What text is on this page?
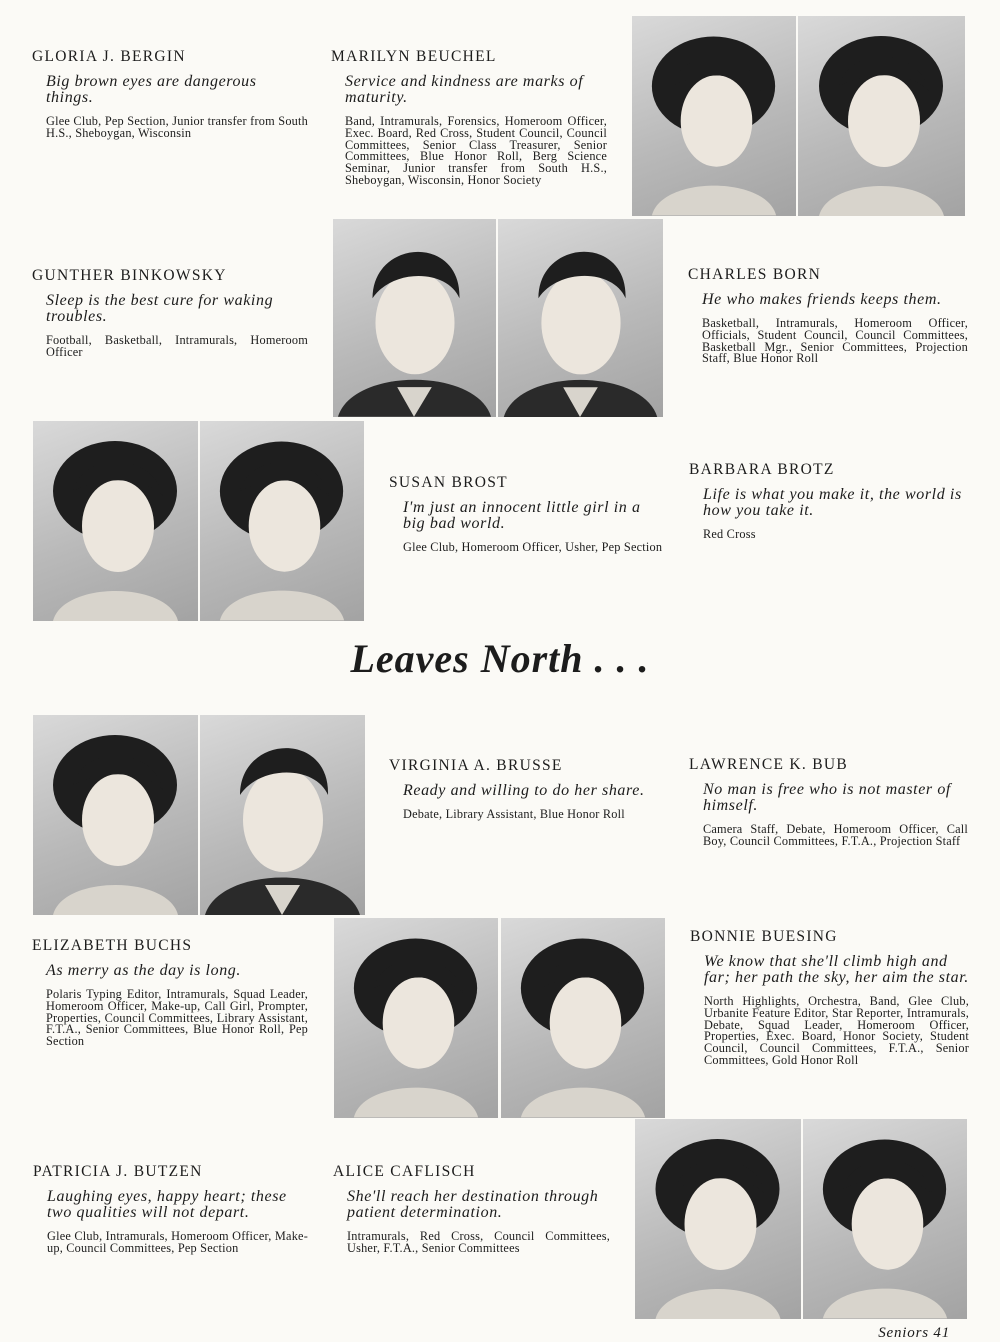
GLORIA J. BERGIN

Big brown eyes are dangerous things.

Glee Club, Pep Section, Junior transfer from South H.S., Sheboygan, Wisconsin

MARILYN BEUCHEL

Service and kindness are marks of maturity.

Band, Intramurals, Forensics, Homeroom Officer, Exec. Board, Red Cross, Student Council, Council Committees, Senior Class Treasurer, Senior Committees, Blue Honor Roll, Berg Science Seminar, Junior transfer from South H.S., Sheboygan, Wisconsin, Honor Society

GUNTHER BINKOWSKY

Sleep is the best cure for waking troubles.

Football, Basketball, Intramurals, Homeroom Officer

CHARLES BORN

He who makes friends keeps them.

Basketball, Intramurals, Homeroom Officer, Officials, Student Council, Council Committees, Basketball Mgr., Senior Committees, Projection Staff, Blue Honor Roll

SUSAN BROST

I'm just an innocent little girl in a big bad world.

Glee Club, Homeroom Officer, Usher, Pep Section

BARBARA BROTZ

Life is what you make it, the world is how you take it.

Red Cross

Leaves North . . .
VIRGINIA A. BRUSSE

Ready and willing to do her share.

Debate, Library Assistant, Blue Honor Roll

LAWRENCE K. BUB

No man is free who is not master of himself.

Camera Staff, Debate, Homeroom Officer, Call Boy, Council Committees, F.T.A., Projection Staff

ELIZABETH BUCHS

As merry as the day is long.

Polaris Typing Editor, Intramurals, Squad Leader, Homeroom Officer, Make-up, Call Girl, Prompter, Properties, Council Committees, Library Assistant, F.T.A., Senior Committees, Blue Honor Roll, Pep Section

BONNIE BUESING

We know that she'll climb high and far; her path the sky, her aim the star.

North Highlights, Orchestra, Band, Glee Club, Urbanite Feature Editor, Star Reporter, Intramurals, Debate, Squad Leader, Homeroom Officer, Properties, Exec. Board, Honor Society, Student Council, Council Committees, F.T.A., Senior Committees, Gold Honor Roll

PATRICIA J. BUTZEN

Laughing eyes, happy heart; these two qualities will not depart.

Glee Club, Intramurals, Homeroom Officer, Make-up, Council Committees, Pep Section

ALICE CAFLISCH

She'll reach her destination through patient determination.

Intramurals, Red Cross, Council Committees, Usher, F.T.A., Senior Committees

Seniors 41
